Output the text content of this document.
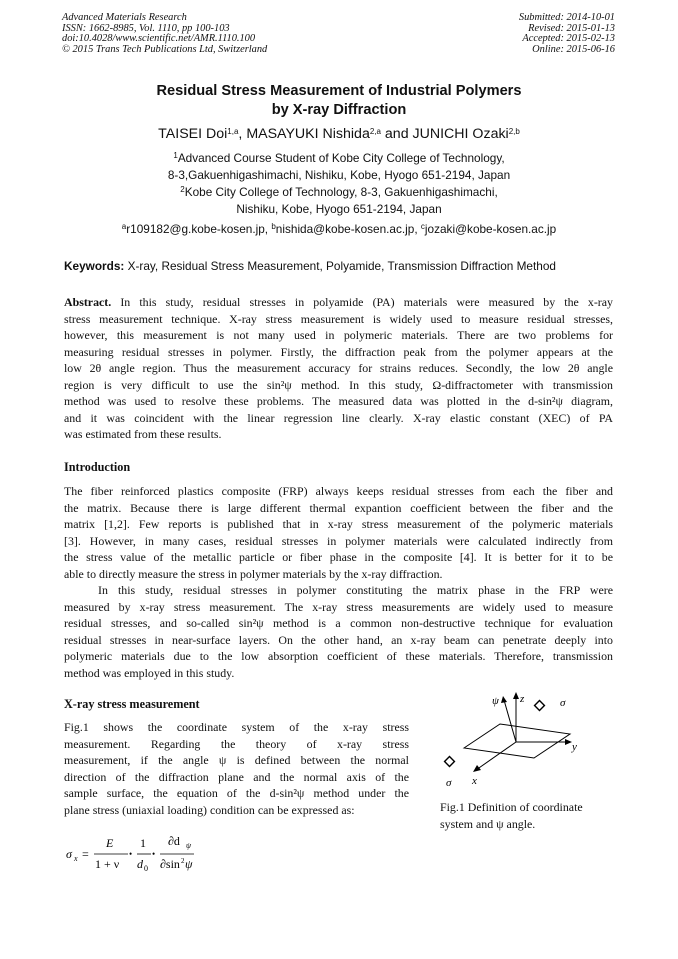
Advanced Materials Research
ISSN: 1662-8985, Vol. 1110, pp 100-103
doi:10.4028/www.scientific.net/AMR.1110.100
© 2015 Trans Tech Publications Ltd, Switzerland
Submitted: 2014-10-01
Revised: 2015-01-13
Accepted: 2015-02-13
Online: 2015-06-16
Residual Stress Measurement of Industrial Polymers
by X-ray Diffraction
TAISEI Doi$^{1,a}$, MASAYUKI Nishida$^{2,a}$ and JUNICHI Ozaki$^{2,b}$
$^1$Advanced Course Student of Kobe City College of Technology,
8-3,Gakuenhigashimachi, Nishiku, Kobe, Hyogo 651-2194, Japan
$^2$Kobe City College of Technology, 8-3, Gakuenhigashimachi,
Nishiku, Kobe, Hyogo 651-2194, Japan
$^a$r109182@g.kobe-kosen.jp, $^b$nishida@kobe-kosen.ac.jp, $^c$jozaki@kobe-kosen.ac.jp
Keywords: X-ray, Residual Stress Measurement, Polyamide, Transmission Diffraction Method
Abstract. In this study, residual stresses in polyamide (PA) materials were measured by the x-ray
stress measurement technique. X-ray stress measurement is widely used to measure residual stresses,
however, this measurement is not many used in polymeric materials. There are two problems for
measuring residual stresses in polymer. Firstly, the diffraction peak from the polymer appears at the
low 2θ angle region. Thus the measurement accuracy for strains reduces. Secondly, the low 2θ angle
region is very difficult to use the sin²ψ method. In this study, Ω-diffractometer with transmission
method was used to resolve these problems. The measured data was plotted in the d-sin²ψ diagram,
and it was coincident with the linear regression line clearly. X-ray elastic constant (XEC) of PA
was estimated from these results.
Introduction
The fiber reinforced plastics composite (FRP) always keeps residual stresses from each the fiber and
the matrix. Because there is large different thermal expantion coefficient between the fiber and the
matrix [1,2]. Few reports is published that in x-ray stress measurement of the polymeric materials
[3]. However, in many cases, residual stresses in polymer materials were calculated indirectly from
the stress value of the metallic particle or fiber phase in the composite [4]. It is better for it to be
able to directly measure the stress in polymer materials by the x-ray diffraction.
In this study, residual stresses in polymer constituting the matrix phase in the FRP were
measured by x-ray stress measurement. The x-ray stress measurements are widely used to measure
residual stresses, and so-called sin²ψ method is a common non-destructive technique for evaluation
residual stresses in near-surface layers. On the other hand, an x-ray beam can penetrate deeply into
polymeric materials due to the low absorption coefficient of these materials. Therefore, transmission
method was employed in this study.
X-ray stress measurement
Fig.1 shows the coordinate system of the x-ray stress
measurement. Regarding the theory of x-ray stress
measurement, if the angle ψ is defined between the normal
direction of the diffraction plane and the normal axis of the
sample surface, the equation of the d-sin²ψ method under the
plane stress (uniaxial loading) condition can be expressed as:
ψ z
y
x
σ
σ
Fig.1 Definition of coordinate
system and ψ angle.
σ x =
E
1 + ν
•
1
d 0
•
∂d ψ
∂sin 2 ψ
